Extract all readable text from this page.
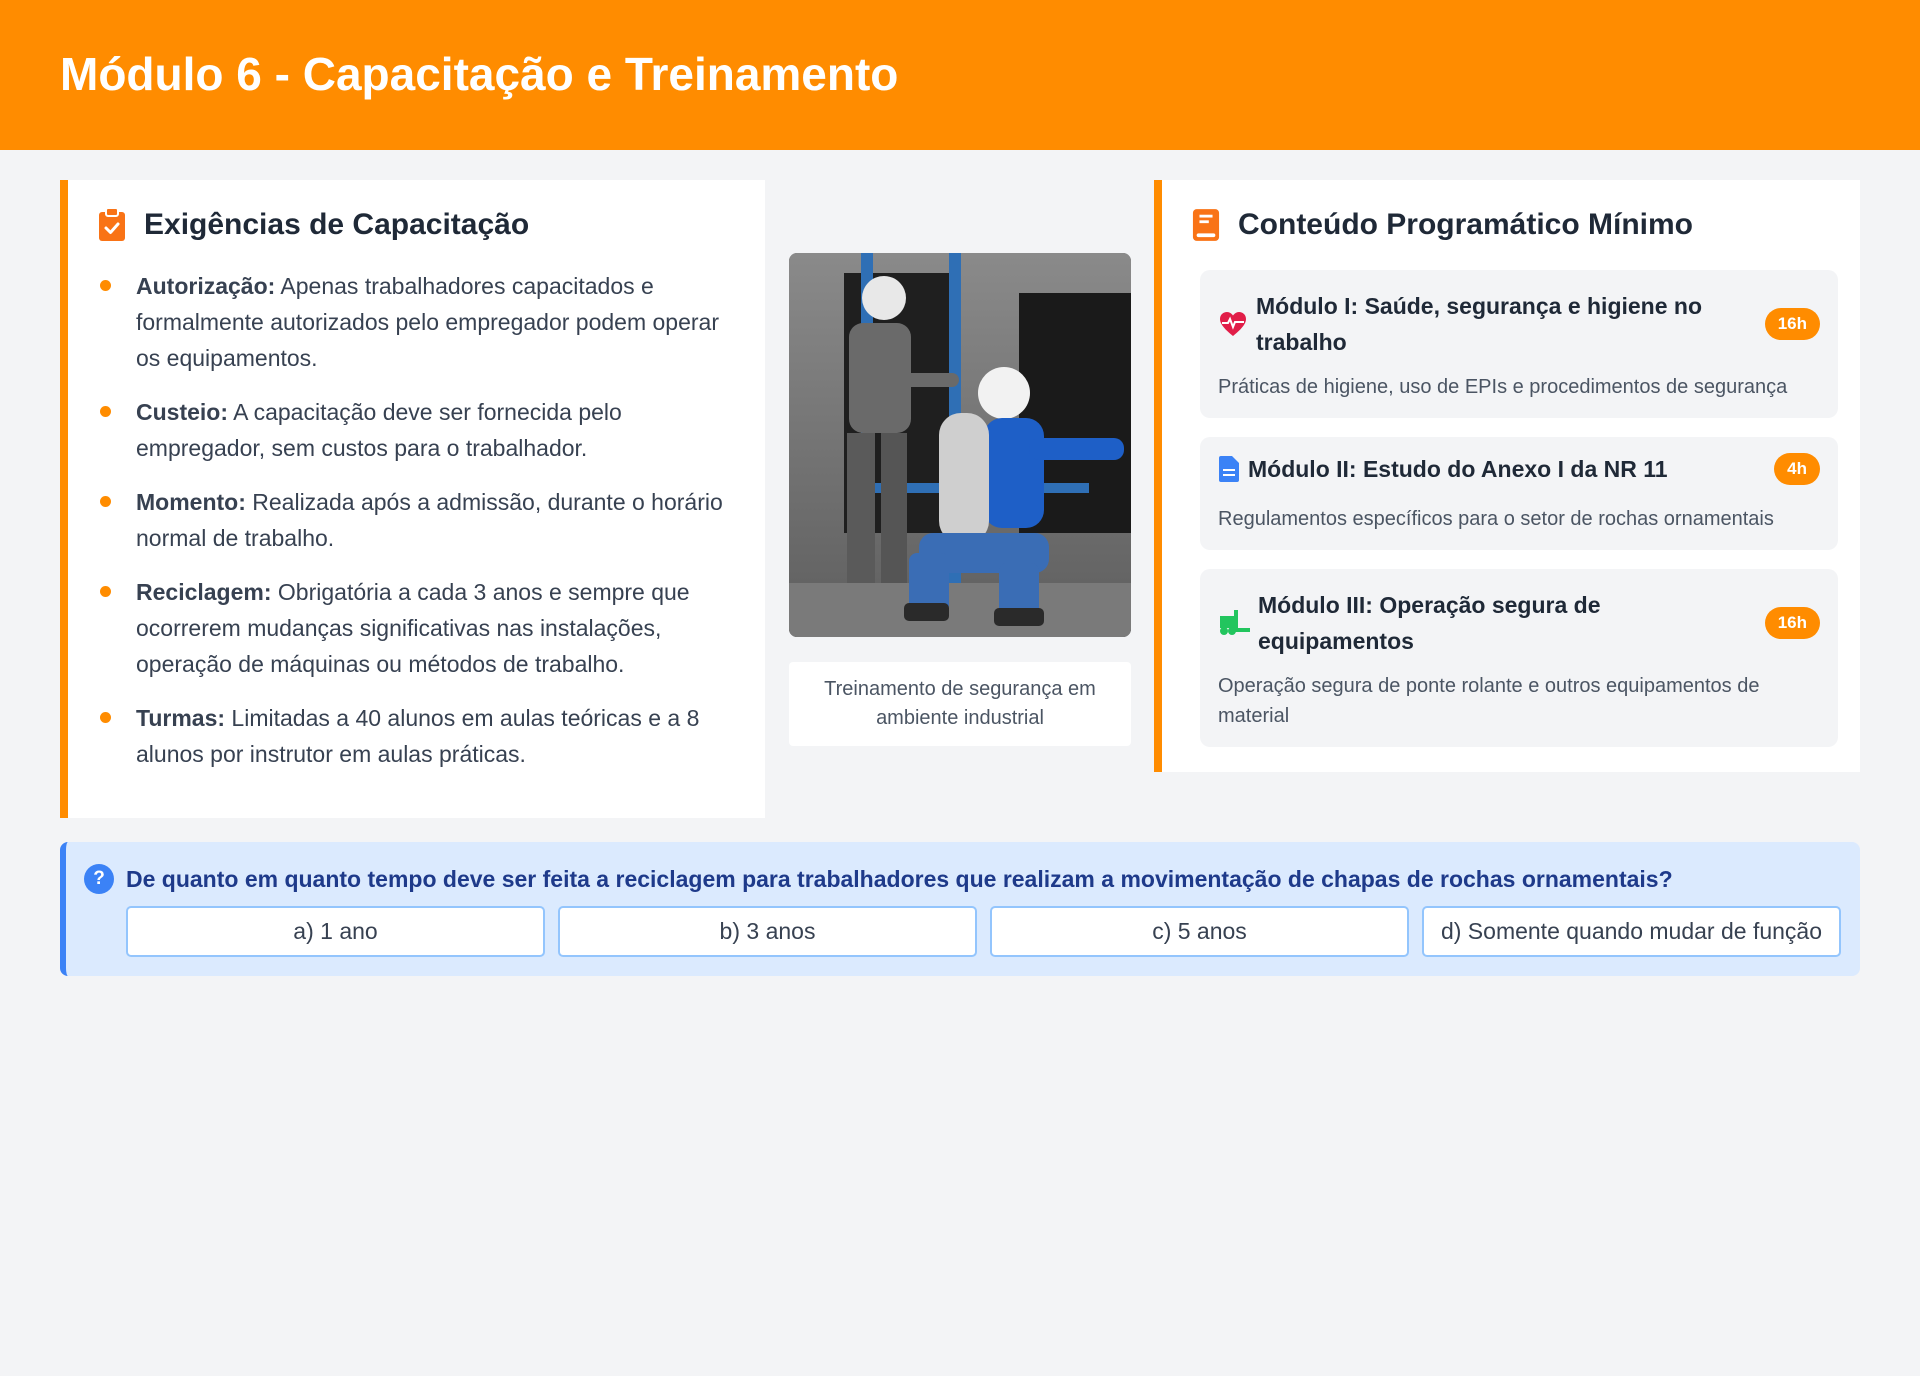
Módulo 6 - Capacitação e Treinamento
Exigências de Capacitação
Autorização: Apenas trabalhadores capacitados e formalmente autorizados pelo empregador podem operar os equipamentos.
Custeio: A capacitação deve ser fornecida pelo empregador, sem custos para o trabalhador.
Momento: Realizada após a admissão, durante o horário normal de trabalho.
Reciclagem: Obrigatória a cada 3 anos e sempre que ocorrerem mudanças significativas nas instalações, operação de máquinas ou métodos de trabalho.
Turmas: Limitadas a 40 alunos em aulas teóricas e a 8 alunos por instrutor em aulas práticas.
Treinamento de segurança em ambiente industrial
Conteúdo Programático Mínimo
Módulo I: Saúde, segurança e higiene no trabalho
16h
Práticas de higiene, uso de EPIs e procedimentos de segurança
Módulo II: Estudo do Anexo I da NR 11	4h
Regulamentos específicos para o setor de rochas ornamentais
Módulo III: Operação segura de equipamentos
16h
Operação segura de ponte rolante e outros equipamentos de material
? De quanto em quanto tempo deve ser feita a reciclagem para trabalhadores que realizam a movimentação de chapas de rochas ornamentais?
a) 1 ano	b) 3 anos	c) 5 anos	d) Somente quando mudar de função
